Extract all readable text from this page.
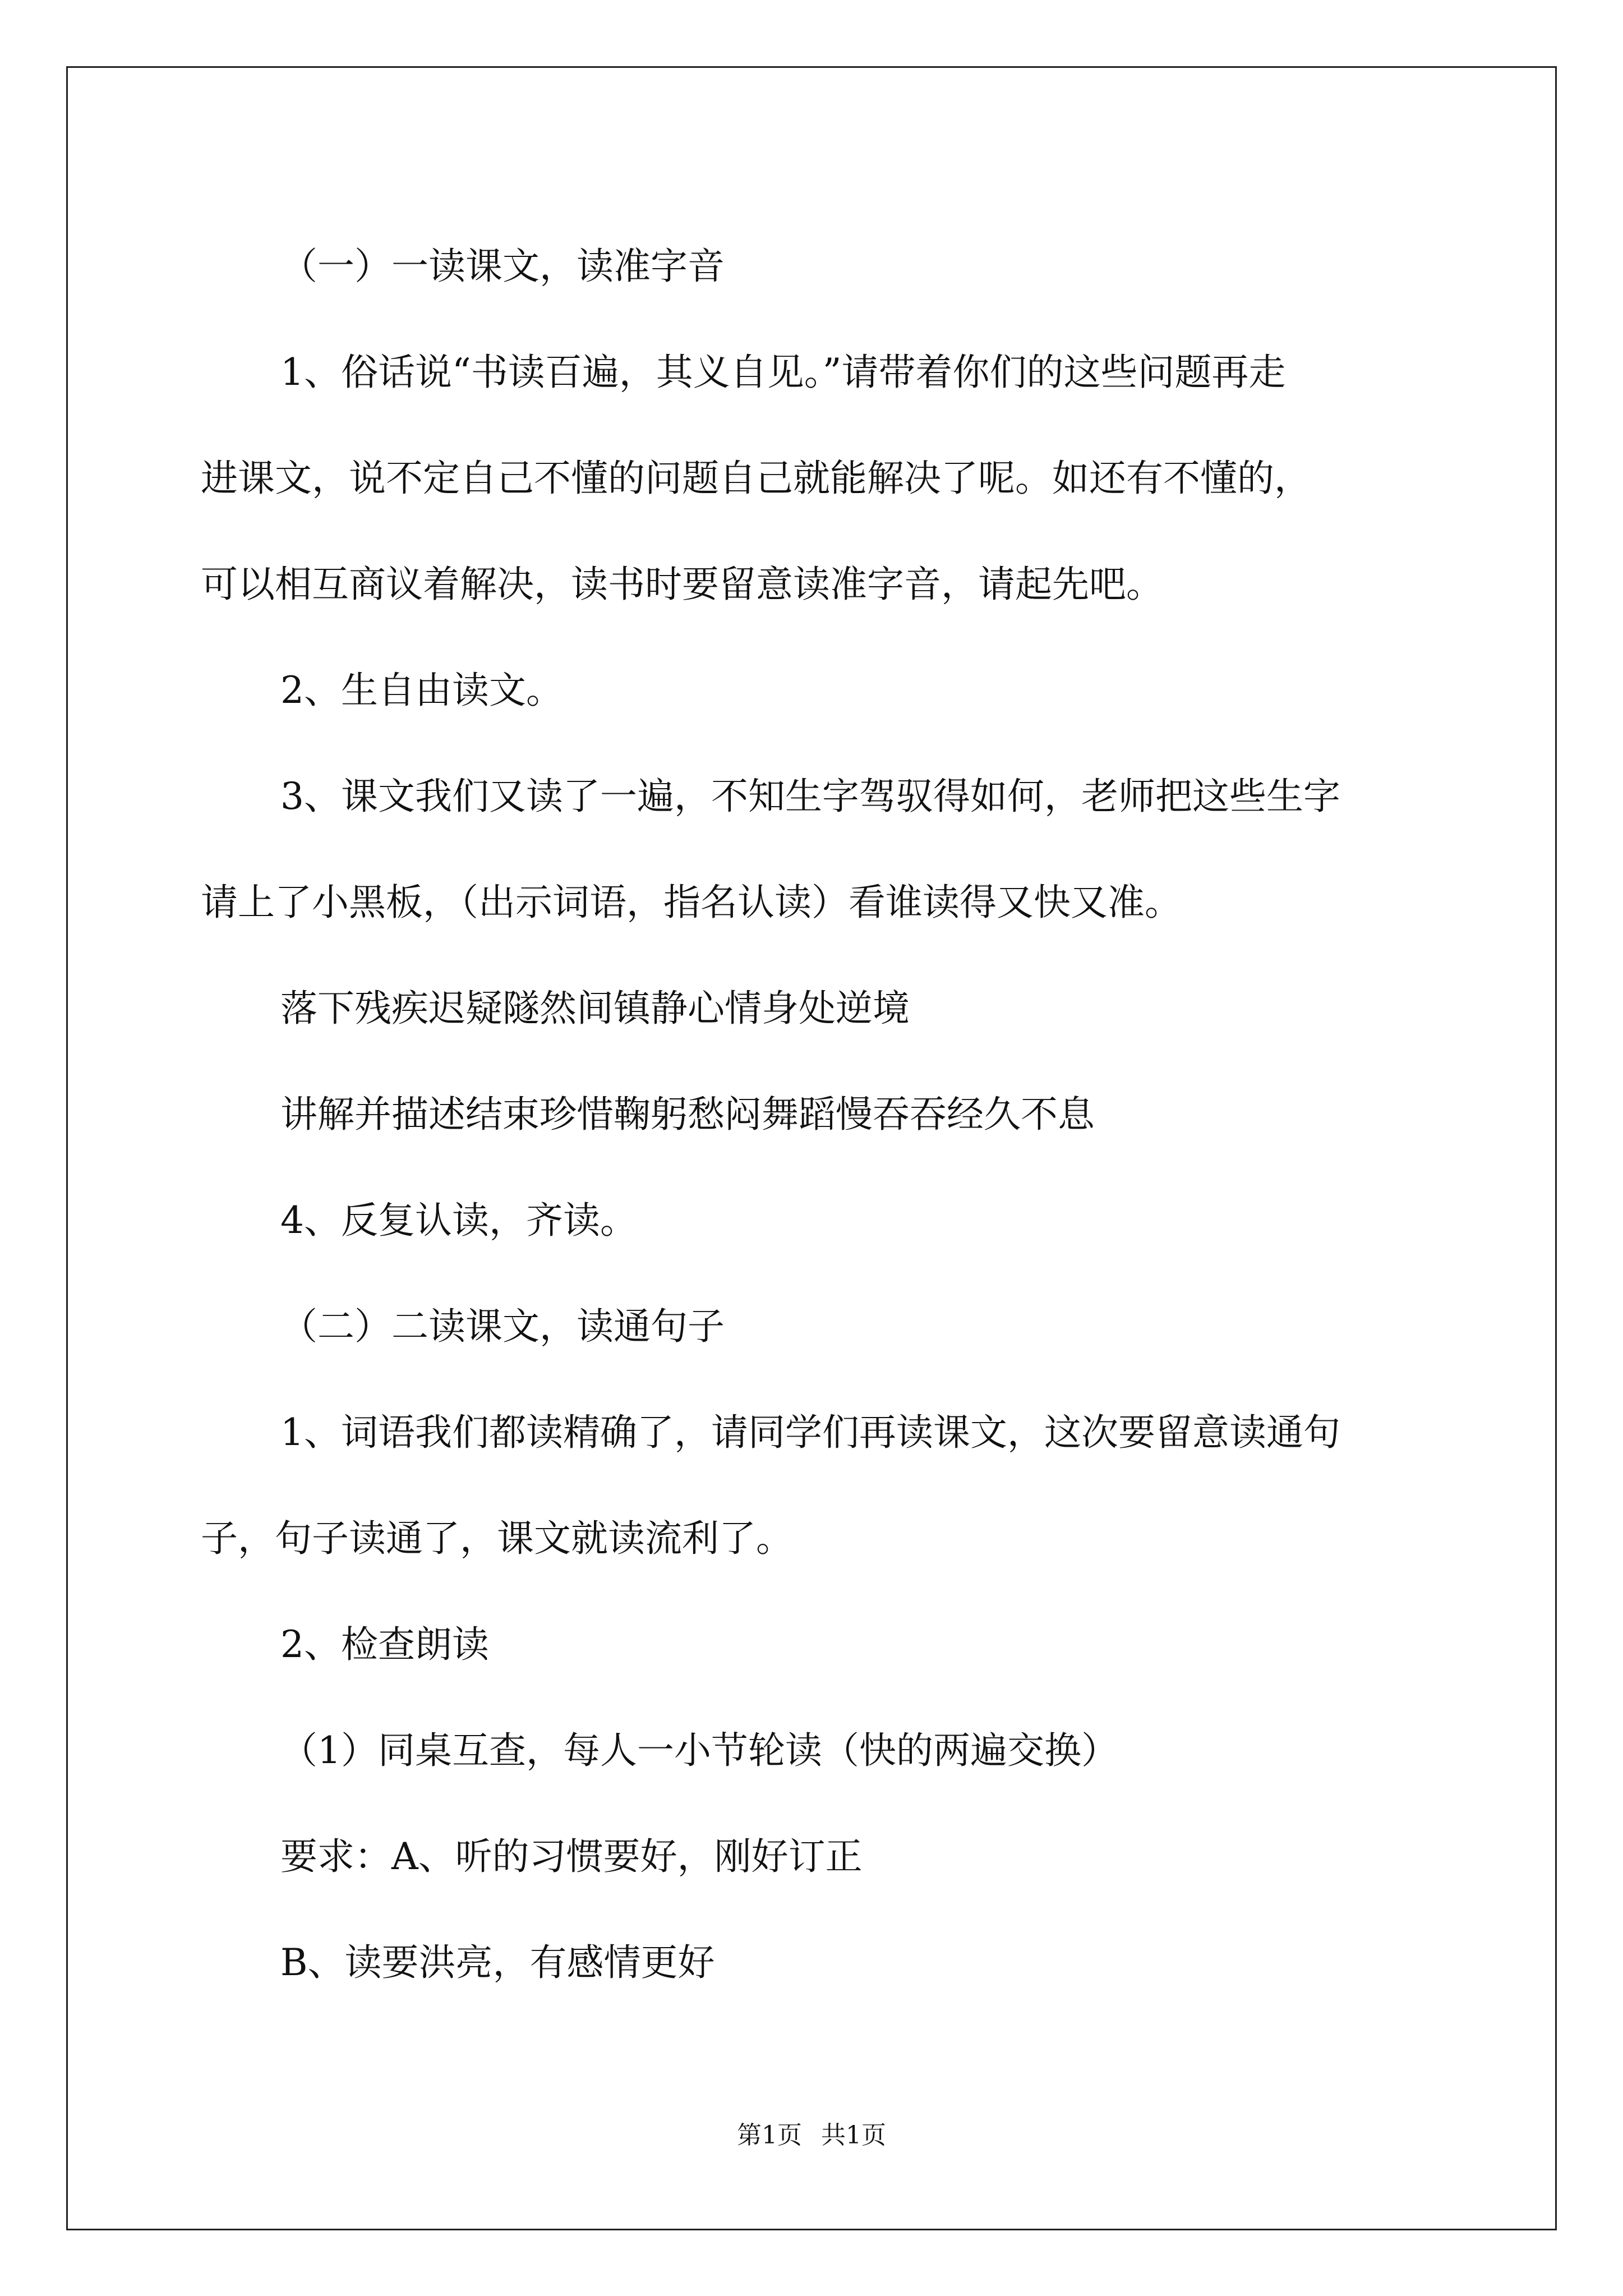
（一）一读课文，读准字音
1、俗话说“书读百遍，其义自见。”请带着你们的这些问题再走
进课文，说不定自己不懂的问题自己就能解决了呢。如还有不懂的，
可以相互商议着解决，读书时要留意读准字音，请起先吧。
2、生自由读文。
3、课文我们又读了一遍，不知生字驾驭得如何，老师把这些生字
请上了小黑板，（出示词语，指名认读）看谁读得又快又准。
落下残疾迟疑隧然间镇静心情身处逆境
讲解并描述结束珍惜鞠躬愁闷舞蹈慢吞吞经久不息
4、反复认读，齐读。
（二）二读课文，读通句子
1、词语我们都读精确了，请同学们再读课文，这次要留意读通句
子，句子读通了，课文就读流利了。
2、检查朗读
（1）同桌互查，每人一小节轮读（快的两遍交换）
要求：A、听的习惯要好，刚好订正
B、读要洪亮，有感情更好

第1页 共1页
